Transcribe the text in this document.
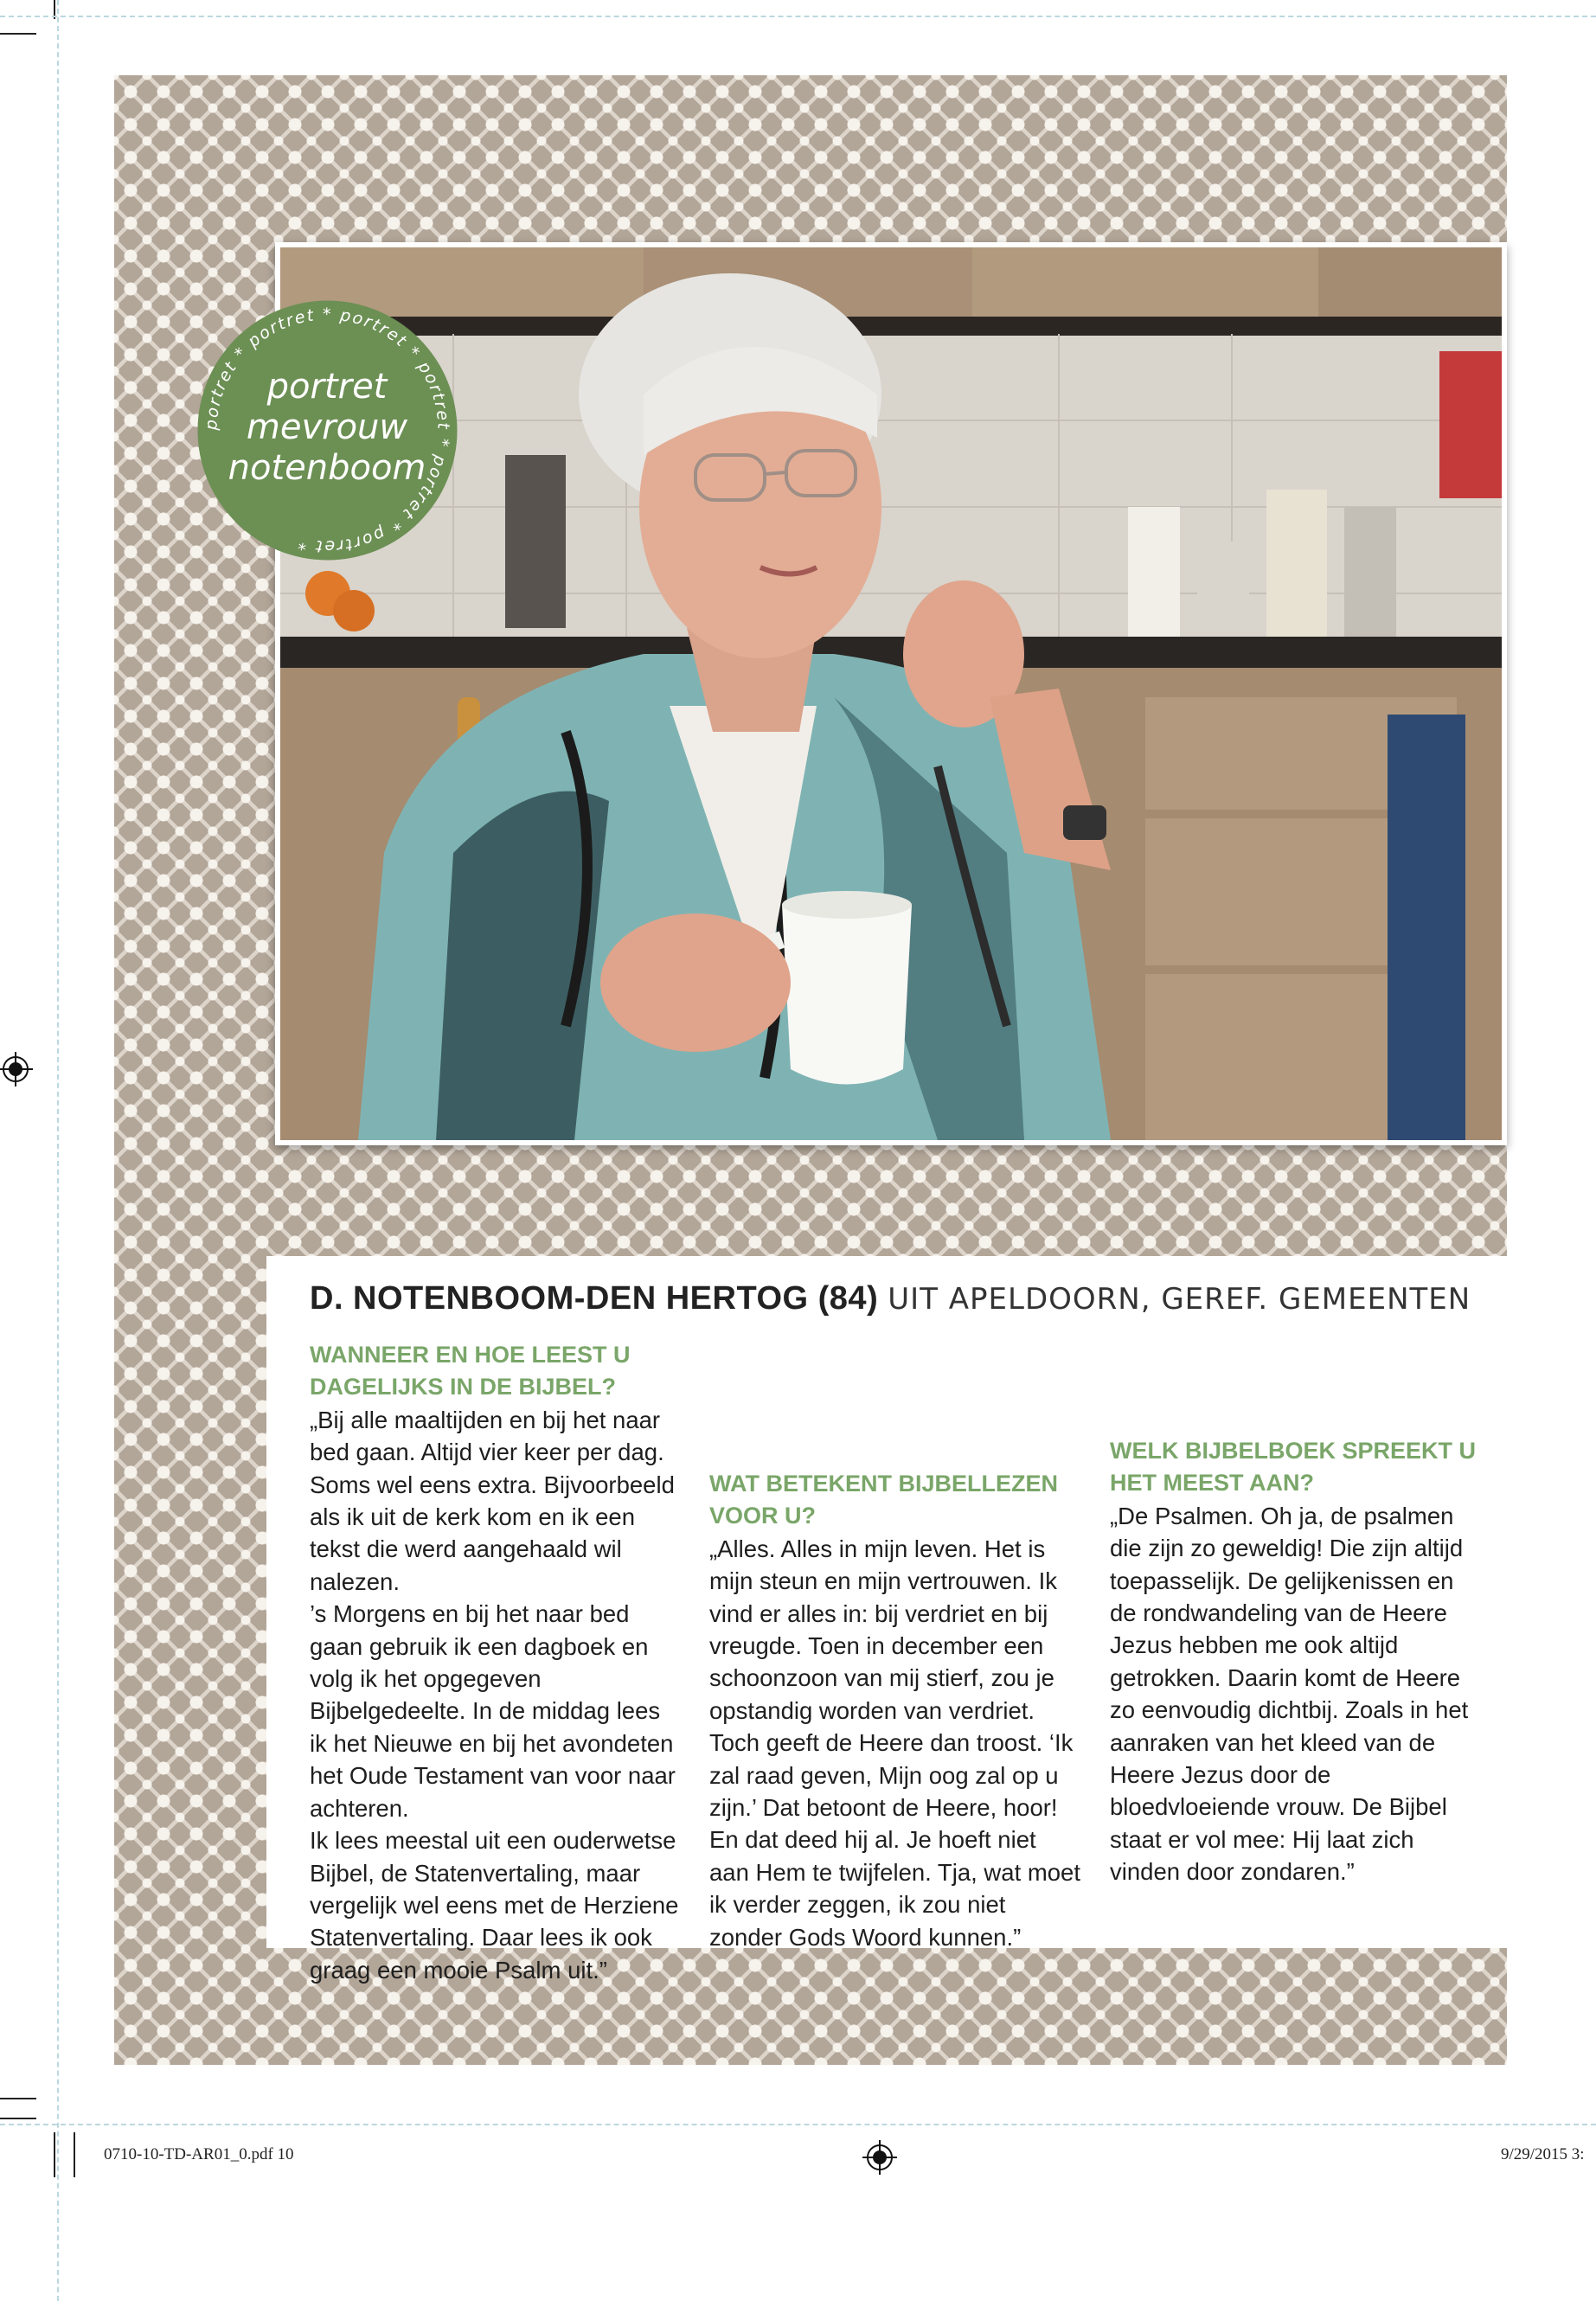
portret * portret * portret * portret * portret * portret *
portret
mevrouw
notenboom
D. NOTENBOOM-DEN HERTOG (84) UIT APELDOORN, GEREF. GEMEENTEN

WANNEER EN HOE LEEST U DAGELIJKS IN DE BIJBEL?

„Bij alle maaltijden en bij het naar bed gaan. Altijd vier keer per dag. Soms wel eens extra. Bijvoorbeeld als ik uit de kerk kom en ik een tekst die werd aangehaald wil nalezen.

’s Morgens en bij het naar bed gaan gebruik ik een dagboek en volg ik het opgegeven Bijbelgedeelte. In de middag lees ik het Nieuwe en bij het avondeten het Oude Testament van voor naar achteren.

Ik lees meestal uit een ouderwetse Bijbel, de Statenvertaling, maar vergelijk wel eens met de Herziene Statenvertaling. Daar lees ik ook graag een mooie Psalm uit.”

WAT BETEKENT BIJBELLEZEN VOOR U?

„Alles. Alles in mijn leven. Het is mijn steun en mijn vertrouwen. Ik vind er alles in: bij verdriet en bij vreugde. Toen in december een schoonzoon van mij stierf, zou je opstandig worden van verdriet. Toch geeft de Heere dan troost. ‘Ik zal raad geven, Mijn oog zal op u zijn.’ Dat betoont de Heere, hoor! En dat deed hij al. Je hoeft niet aan Hem te twijfelen. Tja, wat moet ik verder zeggen, ik zou niet zonder Gods Woord kunnen.”

WELK BIJBELBOEK SPREEKT U HET MEEST AAN?

„De Psalmen. Oh ja, de psalmen die zijn zo geweldig! Die zijn altijd toepasselijk. De gelijkenissen en de rondwandeling van de Heere Jezus hebben me ook altijd getrokken. Daarin komt de Heere zo eenvoudig dichtbij. Zoals in het aanraken van het kleed van de Heere Jezus door de bloedvloeiende vrouw. De Bijbel staat er vol mee: Hij laat zich vinden door zondaren.”

0710-10-TD-AR01_0.pdf 10	9/29/2015 3:
